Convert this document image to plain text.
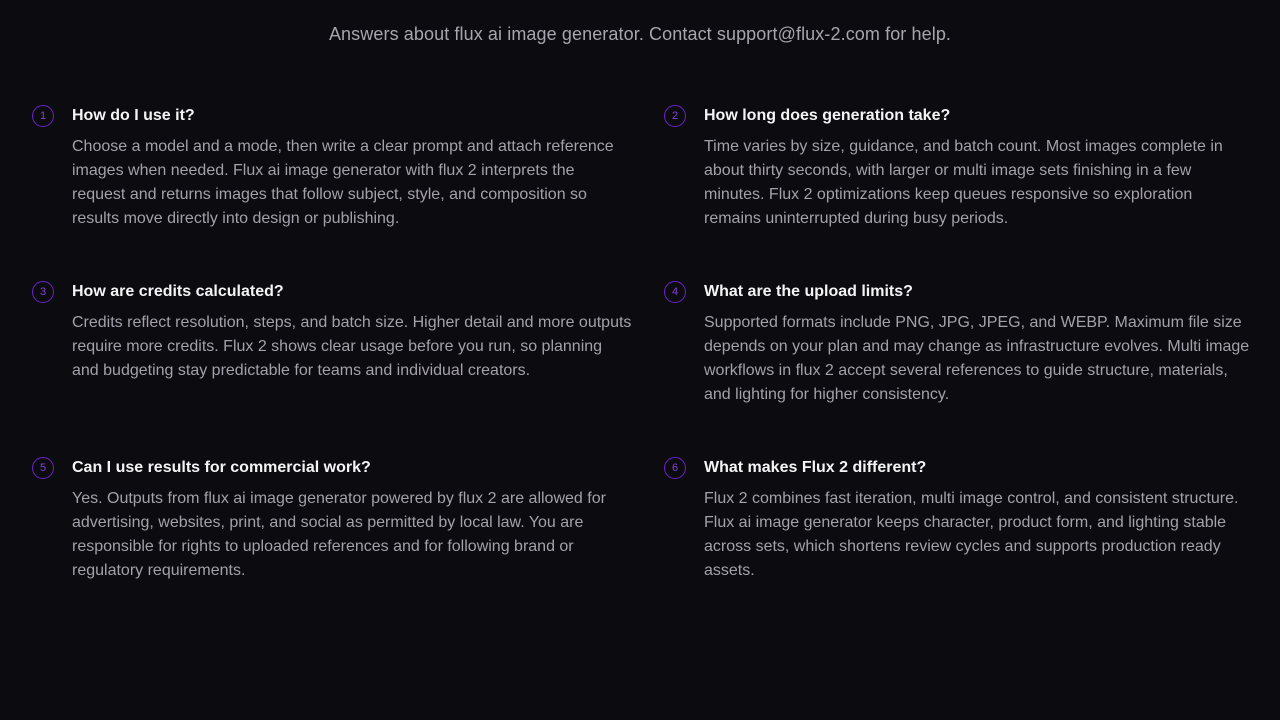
Answers about flux ai image generator. Contact support@flux-2.com for help.
1	How do I use it?

Choose a model and a mode, then write a clear prompt and attach reference images when needed. Flux ai image generator with flux 2 interprets the request and returns images that follow subject, style, and composition so results move directly into design or publishing.

2	How long does generation take?

Time varies by size, guidance, and batch count. Most images complete in about thirty seconds, with larger or multi image sets finishing in a few minutes. Flux 2 optimizations keep queues responsive so exploration remains uninterrupted during busy periods.

3	How are credits calculated?

Credits reflect resolution, steps, and batch size. Higher detail and more outputs require more credits. Flux 2 shows clear usage before you run, so planning and budgeting stay predictable for teams and individual creators.

4	What are the upload limits?

Supported formats include PNG, JPG, JPEG, and WEBP. Maximum file size depends on your plan and may change as infrastructure evolves. Multi image workflows in flux 2 accept several references to guide structure, materials, and lighting for higher consistency.

5	Can I use results for commercial work?

Yes. Outputs from flux ai image generator powered by flux 2 are allowed for advertising, websites, print, and social as permitted by local law. You are responsible for rights to uploaded references and for following brand or regulatory requirements.

6	What makes Flux 2 different?

Flux 2 combines fast iteration, multi image control, and consistent structure. Flux ai image generator keeps character, product form, and lighting stable across sets, which shortens review cycles and supports production ready assets.
